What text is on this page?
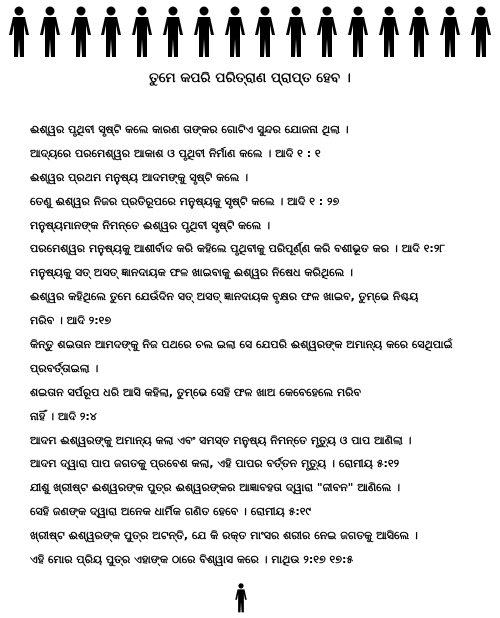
ତୁମେ କପରି ପରିତ୍ରାଣ ପ୍ରାପ୍ତ ହେବ ।
ଈଶ୍ୱର ପୃଥିବୀ ସୃଷ୍ଟି କଲେ କାରଣ ତାଙ୍କର ଗୋଟିଏ ସୁନ୍ଦର ଯୋଜନା ଥିଲା ।
ଆଦ୍ୟରେ ପରମେଶ୍ୱର ଆକାଶ ଓ ପୃଥିବୀ ନିର୍ମାଣ କଲେ । ଆଦି ୧ : ୧
ଈଶ୍ୱର ପ୍ରଥମ ମନୁଷ୍ୟ ଆଦମଙ୍କୁ ସୃଷ୍ଟି କଲେ ।
ତେଣୁ ଈଶ୍ୱର ନିଜର ପ୍ରତିରୂପରେ ମନୁଷ୍ୟକୁ ସୃଷ୍ଟି କଲେ । ଆଦି ୧ : ୨୭
ମନୁଷ୍ୟମାନଙ୍କ ନିମନ୍ତେ ଈଶ୍ୱର ପୃଥିବୀ ସୃଷ୍ଟି କଲେ ।
ପରମେଶ୍ୱର ମନୁଷ୍ୟକୁ ଆଶୀର୍ବାଦ କରି କହିଲେ ପୃଥିବୀକୁ ପରିପୂର୍ଣ୍ଣ କରି ବଶୀଭୂତ କର । ଆଦି ୧:୨୮
ମନୁଷ୍ୟକୁ ସତ୍ ଅସତ୍ ଜ୍ଞାନଦାୟକ ଫଳ ଖାଇବାକୁ ଈଶ୍ୱର ନିଷେଧ କରିଥିଲେ ।
ଈଶ୍ୱର କହିଥିଲେ ତୁମେ ଯେଉଁଦିନ ସତ୍ ଅସତ୍ ଜ୍ଞାନଦାୟକ ବୃକ୍ଷର ଫଳ ଖାଇବ, ତୁମ୍ଭେ ନିଶ୍ଚୟ
ମରିବ । ଆଦି ୨:୧୭
କିନ୍ତୁ ଶଇତାନ ଆମଦଙ୍କୁ ନିଜ ପଥରେ ଚଲ ଇଲା ସେ ଯେପରି ଈଶ୍ୱରଙ୍କ ଅମାନ୍ୟ କରେ ସେଥିପାଇଁ
ପ୍ରବର୍ତ୍ତାଇଲା ।
ଶଇତାନ ସର୍ପରୂପ ଧରି ଆସି କହିଲା, ତୁମ୍ଭେ ସେହି ଫଳ ଖାଅ କେବେହେଲେ ମରିବ
ନାହିଁ । ଆଦି ୨:୪
ଆଦମ ଈଶ୍ୱରଙ୍କୁ ଅମାନ୍ୟ କଲା ଏବଂ ସମସ୍ତ ମନୁଷ୍ୟ ନିମନ୍ତେ ମୃତ୍ୟୁ ଓ ପାପ ଆଣିଲା ।
ଆଦମ ଦ୍ୱାରା ପାପ ଜଗତକୁ ପ୍ରବେଶ କଲା, ଏହି ପାପର ବର୍ତ୍ତନ ମୃତ୍ୟୁ । ରୋମୀୟ ୫:୧୨
ଯୀଶୁ ଖ୍ରୀଷ୍ଟ ଈଶ୍ୱରଙ୍କ ପୁତ୍ର ଈଶ୍ୱରଙ୍କର ଆଜ୍ଞାବହତା ଦ୍ୱାରା "ଜୀବନ" ଆଣିଲେ ।
ସେହି ଜଣଙ୍କ ଦ୍ୱାରା ଅନେକ ଧାର୍ମିକ ଗଣିତ ହେବେ । ରୋମୀୟ ୫:୧୯
ଖ୍ରୀଷ୍ଟ ଈଶ୍ୱରଙ୍କ ପୁତ୍ର ଅଟନ୍ତି, ଯେ କି ରକ୍ତ ମାଂସର ଶରୀର ନେଇ ଜଗତକୁ ଆସିଲେ ।
ଏହି ମୋର ପ୍ରିୟ ପୁତ୍ର ଏହାଙ୍କ ଠାରେ ବିଶ୍ୱାସ କରେ । ମାଥିଉ ୨:୧୭ ୧୭:୫
